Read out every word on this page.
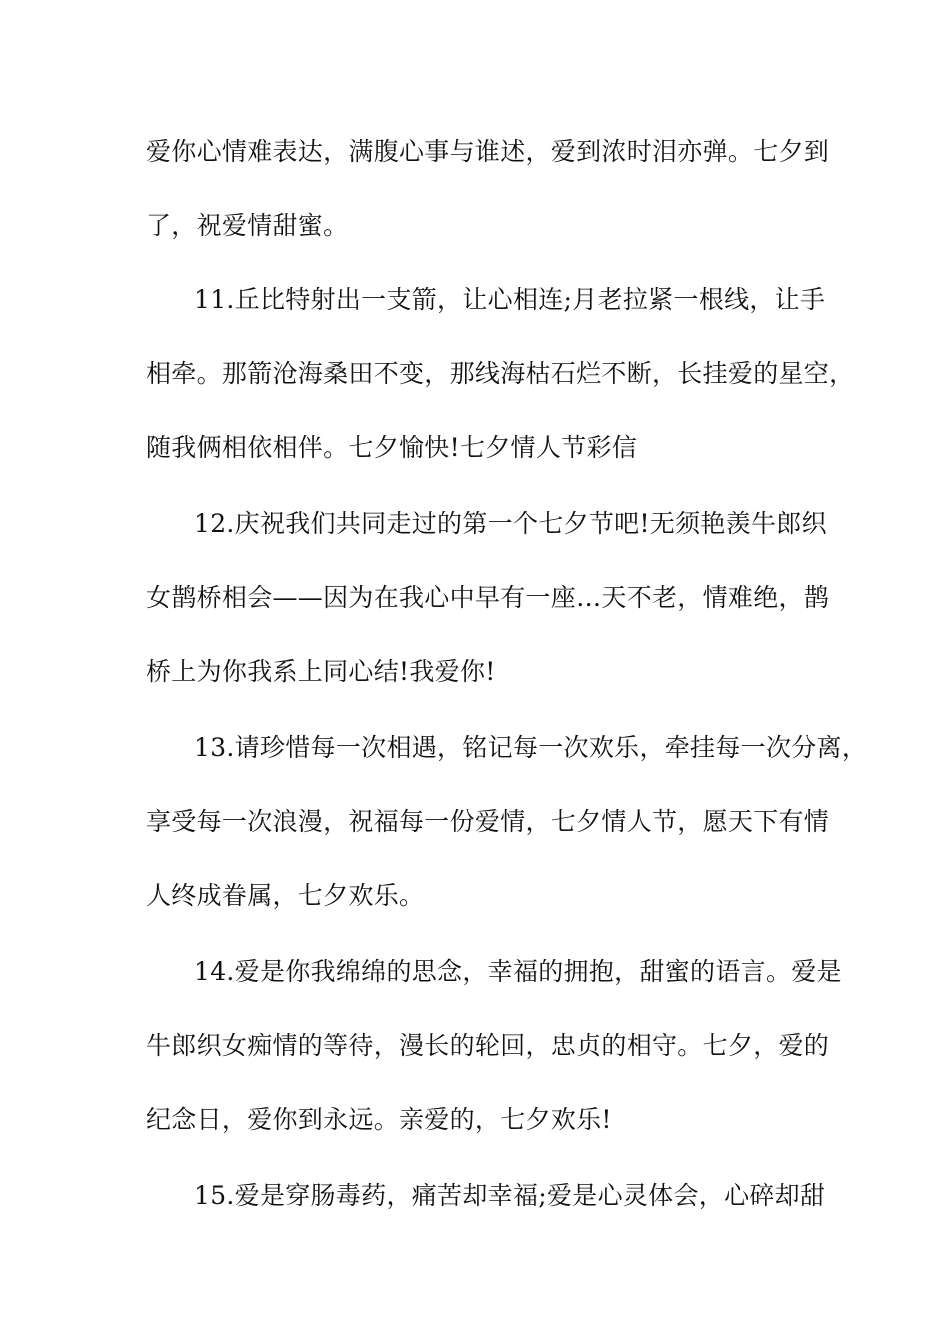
爱你心情难表达，满腹心事与谁述，爱到浓时泪亦弹。七夕到
了，祝爱情甜蜜。
11.丘比特射出一支箭，让心相连;月老拉紧一根线，让手
相牵。那箭沧海桑田不变，那线海枯石烂不断，长挂爱的星空，
随我俩相依相伴。七夕愉快!七夕情人节彩信
12.庆祝我们共同走过的第一个七夕节吧!无须艳羡牛郎织
女鹊桥相会——因为在我心中早有一座…天不老，情难绝，鹊
桥上为你我系上同心结!我爱你!
13.请珍惜每一次相遇，铭记每一次欢乐，牵挂每一次分离，
享受每一次浪漫，祝福每一份爱情，七夕情人节，愿天下有情
人终成眷属，七夕欢乐。
14.爱是你我绵绵的思念，幸福的拥抱，甜蜜的语言。爱是
牛郎织女痴情的等待，漫长的轮回，忠贞的相守。七夕，爱的
纪念日，爱你到永远。亲爱的，七夕欢乐!
15.爱是穿肠毒药，痛苦却幸福;爱是心灵体会，心碎却甜
